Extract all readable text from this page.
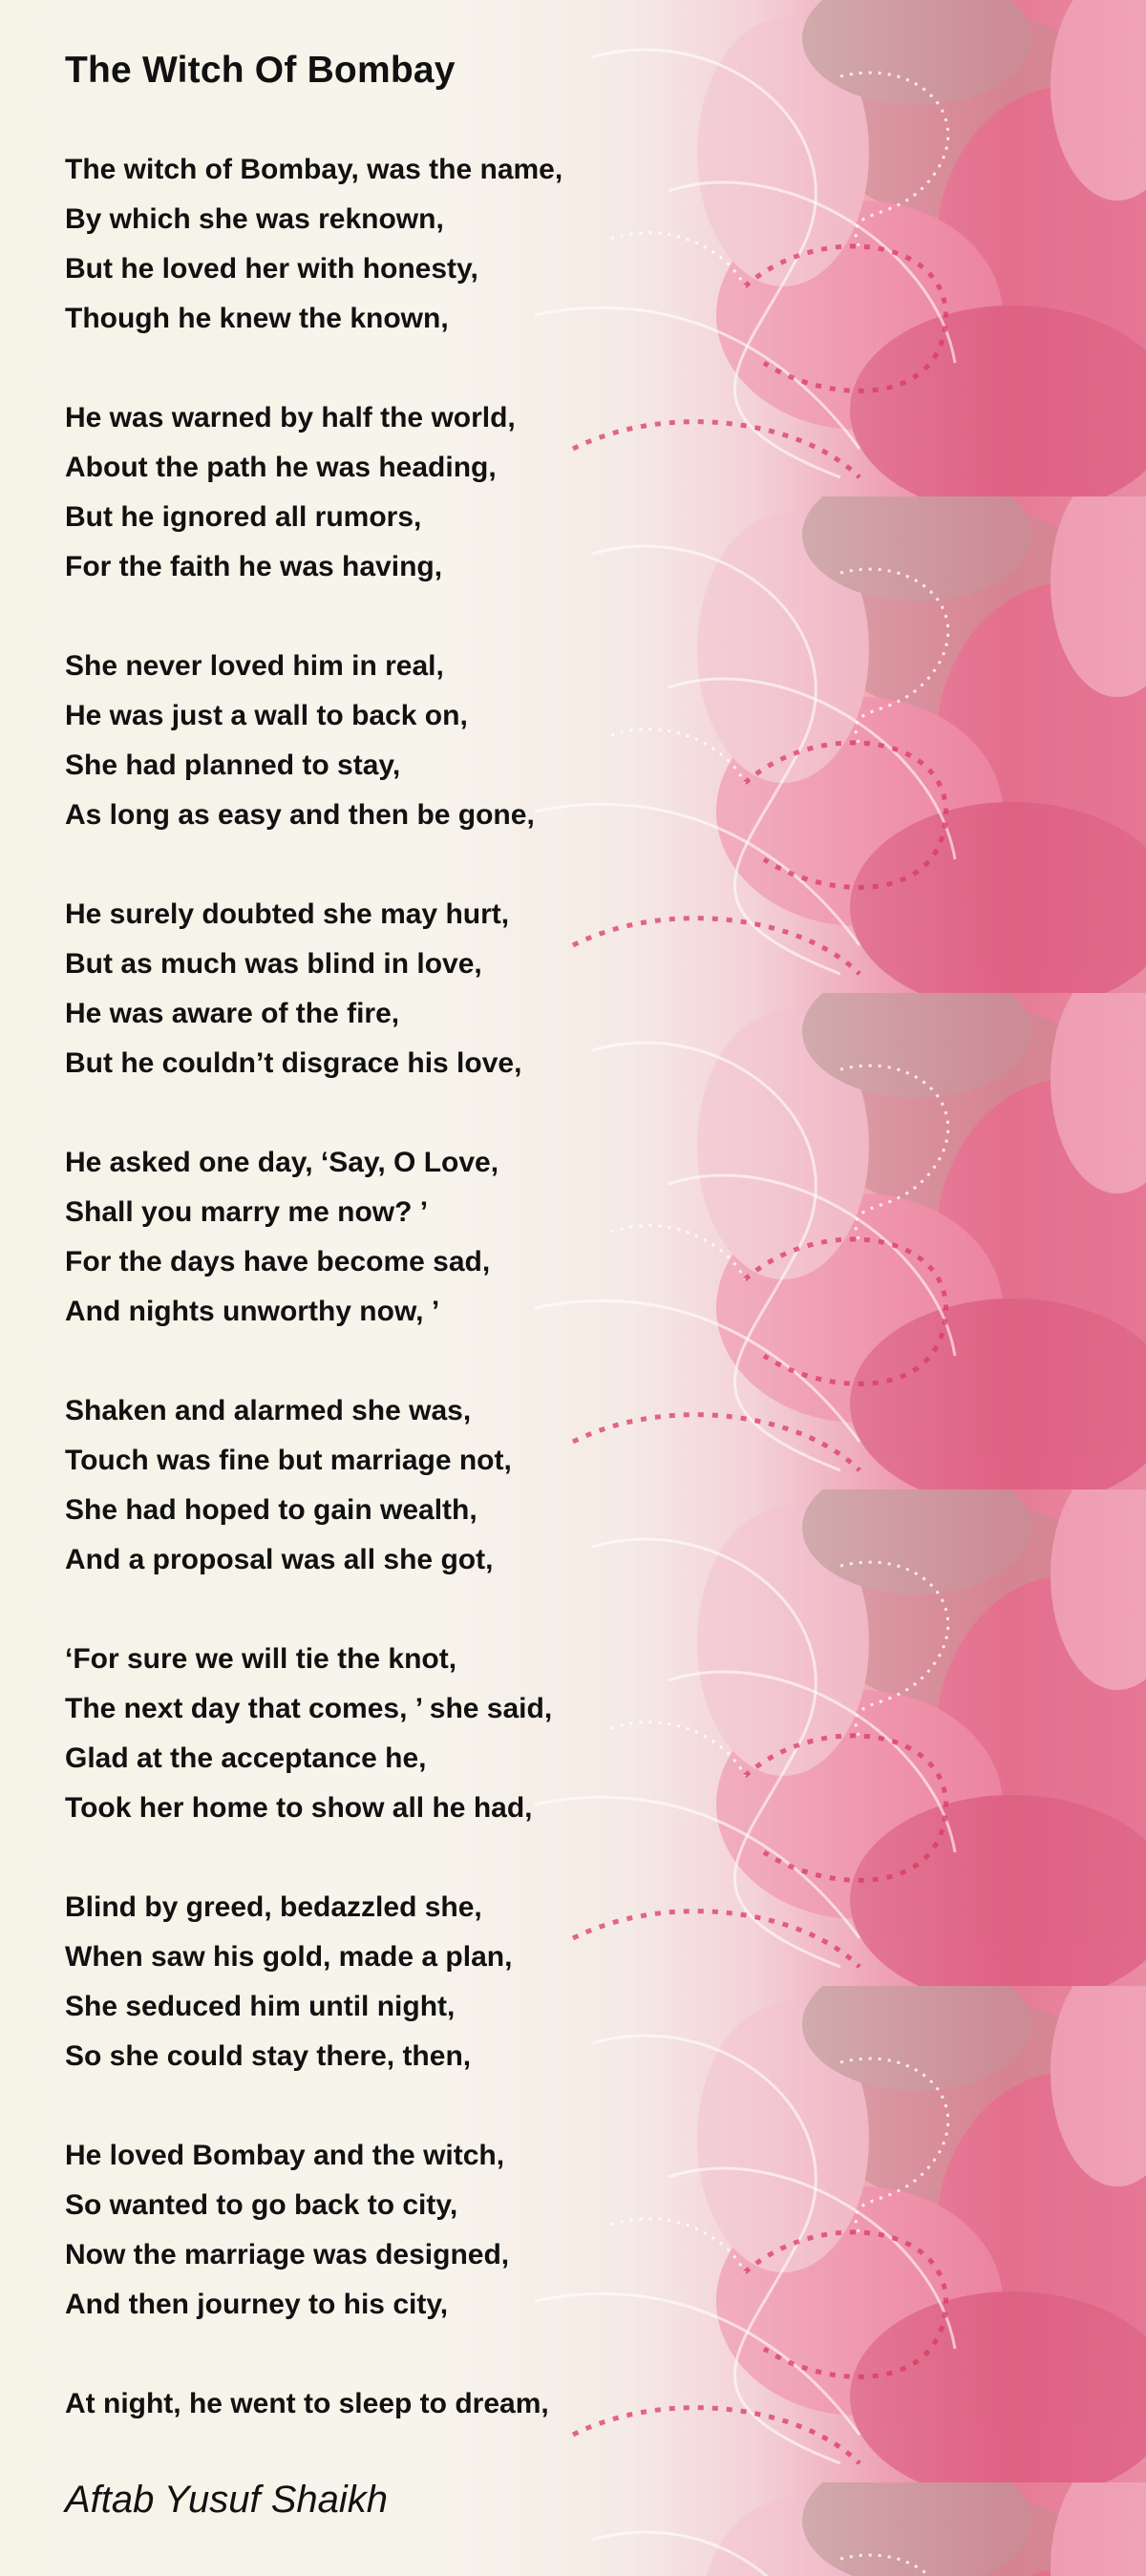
The Witch Of Bombay
The witch of Bombay, was the name,
By which she was reknown,
But he loved her with honesty,
Though he knew the known,
He was warned by half the world,
About the path he was heading,
But he ignored all rumors,
For the faith he was having,
She never loved him in real,
He was just a wall to back on,
She had planned to stay,
As long as easy and then be gone,
He surely doubted she may hurt,
But as much was blind in love,
He was aware of the fire,
But he couldn’t disgrace his love,
He asked one day, ‘Say, O Love,
Shall you marry me now? ’
For the days have become sad,
And nights unworthy now, ’
Shaken and alarmed she was,
Touch was fine but marriage not,
She had hoped to gain wealth,
And a proposal was all she got,
‘For sure we will tie the knot,
The next day that comes, ’ she said,
Glad at the acceptance he,
Took her home to show all he had,
Blind by greed, bedazzled she,
When saw his gold, made a plan,
She seduced him until night,
So she could stay there, then,
He loved Bombay and the witch,
So wanted to go back to city,
Now the marriage was designed,
And then journey to his city,
At night, he went to sleep to dream,
Aftab Yusuf Shaikh
